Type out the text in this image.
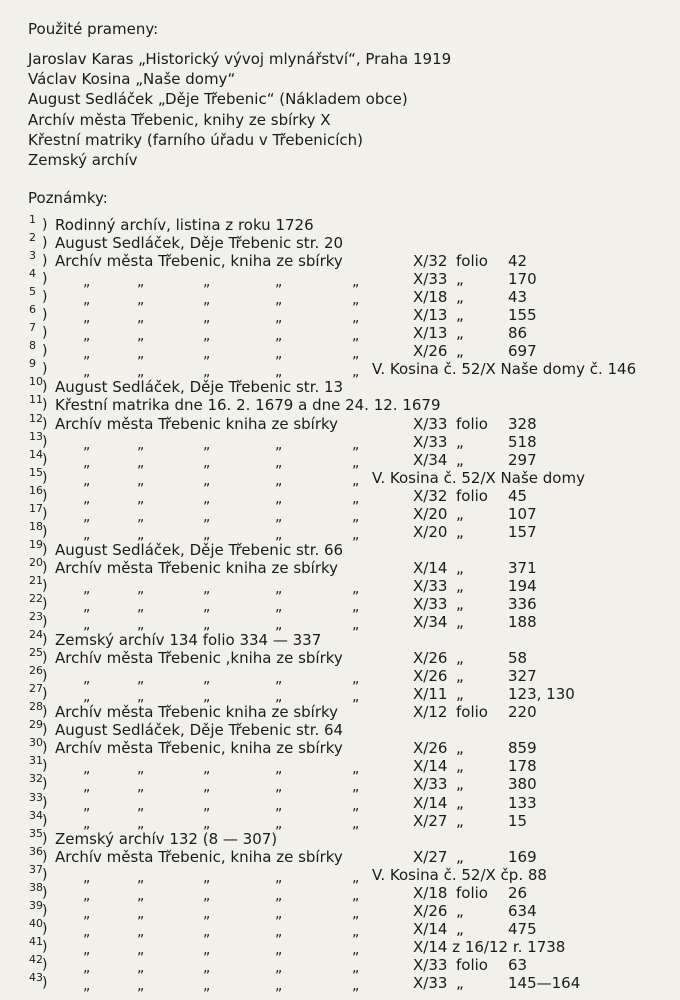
Použité prameny:
Jaroslav Karas „Historický vývoj mlynářství“, Praha 1919
Václav Kosina „Naše domy“
August Sedláček „Děje Třebenic“ (Nákladem obce)
Archív města Třebenic, knihy ze sbírky X
Křestní matriky (farního úřadu v Třebenicích)
Zemský archív
Poznámky:
1 ) Rodinný archív, listina z roku 1726
2 ) August Sedláček, Děje Třebenic str. 20
3 ) Archív města Třebenic, kniha ze sbírky	X/32 folio 42
4 )	„	„	„	„	„	X/33 „	170
5 )	„	„	„	„	„	X/18 „	43
6 )	„	„	„	„	„	X/13 „	155
7 )	„	„	„	„	„	X/13 „	86
8 )	„	„	„	„	„	X/26 „	697
9 )	„	„	„	„	„ V. Kosina č. 52/X Naše domy č. 146
10 ) August Sedláček, Děje Třebenic str. 13
11 ) Křestní matrika dne 16. 2. 1679 a dne 24. 12. 1679
12 ) Archív města Třebenic kniha ze sbírky	X/33 folio 328
13 )	„	„	„	„	„	X/33 „	518
14 )	„	„	„	„	„	X/34 „	297
15 )	„	„	„	„	„ V. Kosina č. 52/X Naše domy
16 )	„	„	„	„	„	X/32 folio 45
17 )	„	„	„	„	„	X/20 „	107
18 )	„	„	„	„	„	X/20 „	157
19 ) August Sedláček, Děje Třebenic str. 66
20 ) Archív města Třebenic kniha ze sbírky	X/14 „	371
21 )	„	„	„	„	„	X/33 „	194
22 )	„	„	„	„	„	X/33 „	336
23 )	„	„	„	„	„	X/34 „	188
24 ) Zemský archív 134 folio 334 — 337
25 ) Archív města Třebenic ,kniha ze sbírky	X/26 „	58
26 )	„	„	„	„	„	X/26 „	327
27 )	„	„	„	„	„	X/11 „	123, 130
28 ) Archív města Třebenic kniha ze sbírky	X/12 folio 220
29 ) August Sedláček, Děje Třebenic str. 64
30 ) Archív města Třebenic, kniha ze sbírky	X/26 „	859
31 )	„	„	„	„	„	X/14 „	178
32 )	„	„	„	„	„	X/33 „	380
33 )	„	„	„	„	„	X/14 „	133
34 )	„	„	„	„	„	X/27 „	15
35 ) Zemský archív 132 (8 — 307)
36 ) Archív města Třebenic, kniha ze sbírky	X/27 „	169
37 )	„	„	„	„	„ V. Kosina č. 52/X čp. 88
38 )	„	„	„	„	„	X/18 folio 26
39 )	„	„	„	„	„	X/26 „	634
40 )	„	„	„	„	„	X/14 „	475
41 )	„	„	„	„	„	X/14 z 16/12 r. 1738
42 )	„	„	„	„	„	X/33 folio 63
43 )	„	„	„	„	„	X/33 „	145—164
